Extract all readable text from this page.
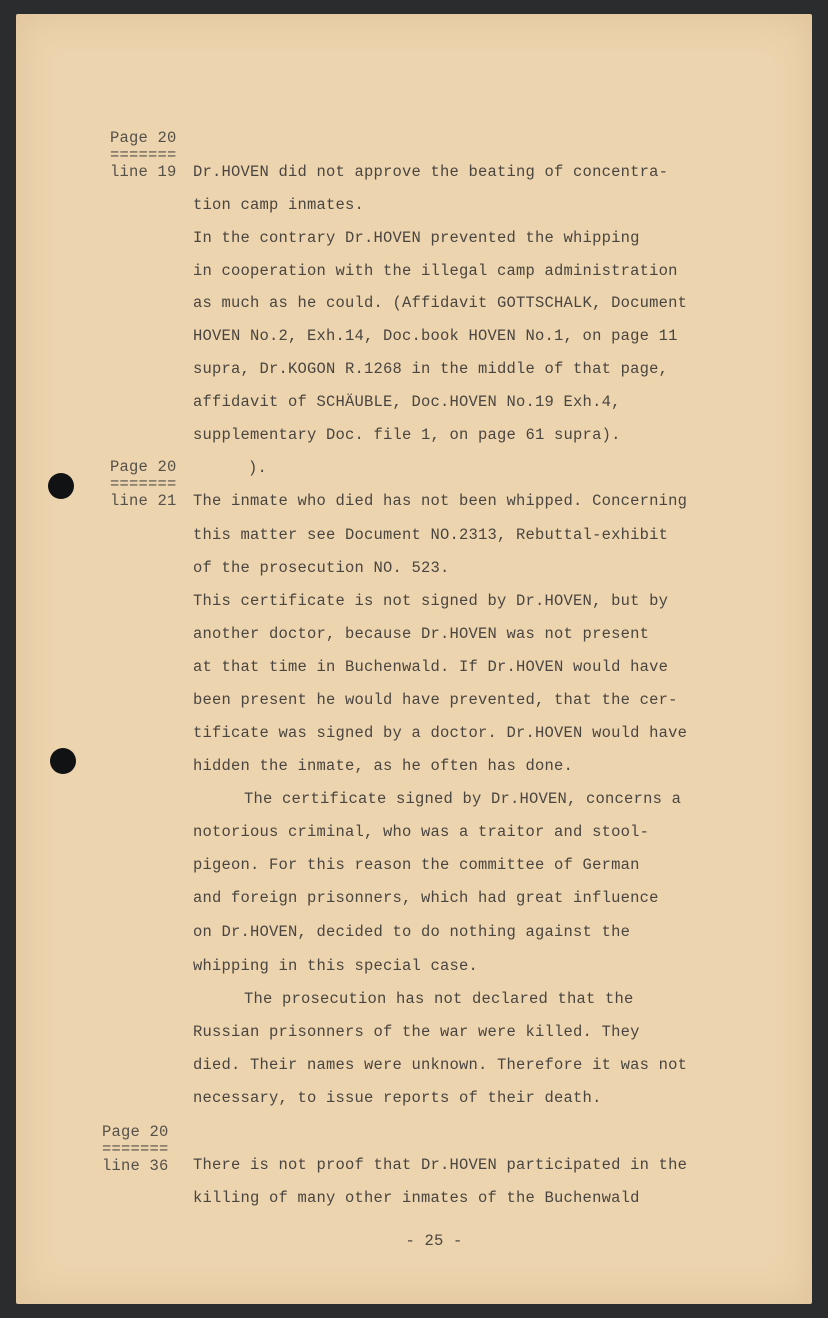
Page 20

=======

line 19

Page 20

=======

line 21

Page 20

=======

line 36

Dr.HOVEN did not approve the beating of concentra-

tion camp inmates.

In the contrary Dr.HOVEN prevented the whipping

in cooperation with the illegal camp administration

as much as he could. (Affidavit GOTTSCHALK, Document

HOVEN No.2, Exh.14, Doc.book HOVEN No.1, on page 11

supra, Dr.KOGON R.1268 in the middle of that page,

affidavit of SCHÄUBLE, Doc.HOVEN No.19 Exh.4,

supplementary Doc. file 1, on page 61 supra).

).

The inmate who died has not been whipped. Concerning

this matter see Document NO.2313, Rebuttal-exhibit

of the prosecution NO. 523.

This certificate is not signed by Dr.HOVEN, but by

another doctor, because Dr.HOVEN was not present

at that time in Buchenwald. If Dr.HOVEN would have

been present he would have prevented, that the cer-

tificate was signed by a doctor. Dr.HOVEN would have

hidden the inmate, as he often has done.

The certificate signed by Dr.HOVEN, concerns a

notorious criminal, who was a traitor and stool-

pigeon. For this reason the committee of German

and foreign prisonners, which had great influence

on Dr.HOVEN, decided to do nothing against the

whipping in this special case.

The prosecution has not declared that the

Russian prisonners of the war were killed. They

died. Their names were unknown. Therefore it was not

necessary, to issue reports of their death.

There is not proof that Dr.HOVEN participated in the

killing of many other inmates of the Buchenwald

- 25 -
